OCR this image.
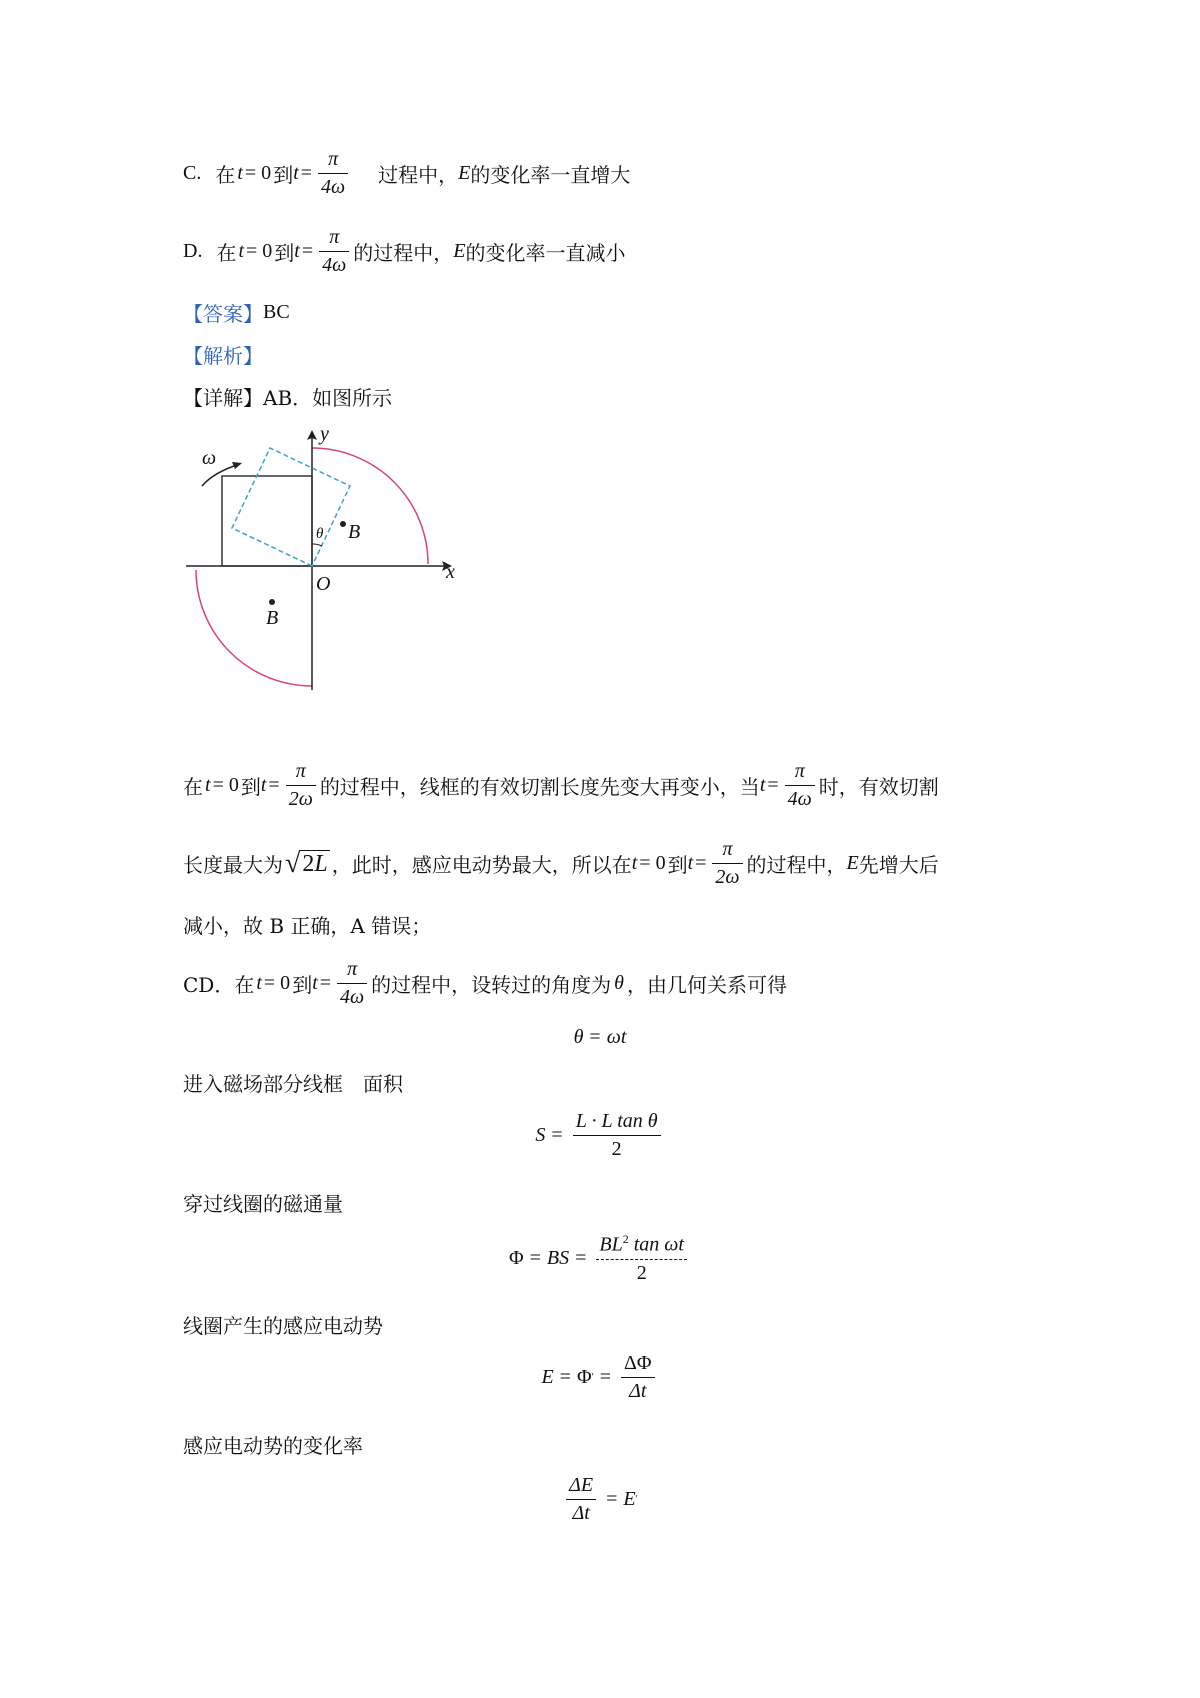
C. 在 t = 0 到 $t = \frac{\pi}{4\omega}$ 过程中， E 的变化率一直增大
D. 在 t = 0 到 $t = \frac{\pi}{4\omega}$ 的过程中， E 的变化率一直减小
【答案】 BC
【解析】
【详解】 AB．如图所示
ω
y
x
O
θ B
B
在 t = 0 到 $t = \frac{\pi}{2\omega}$ 的过程中，线框的有效切割长度先变大再变小，当 $t = \frac{\pi}{4\omega}$ 时，有效切割
长度最大为 √ 2 L ，此时，感应电动势最大，所以在 t = 0 到 $t = \frac{\pi}{2\omega}$ 的过程中， E 先增大后
减小，故 B 正确，A 错误；
CD．在 t = 0 到 $t = \frac{\pi}{4\omega}$ 的过程中，设转过的角度为 θ ，由几何关系可得
θ = ωt
进入磁场部分线框　面积
$S = \frac{\text{L · L tan θ}}{2}$
穿过线圈的磁通量
Φ = BS = $\frac{BL^2 \tan \omega t}{2}$
线圈产生的感应电动势
E = Φ ′ = $\frac{\Delta\Phi}{\Delta t}$
感应电动势的变化率
$\frac{\Delta E}{\Delta t} = E$ ′
